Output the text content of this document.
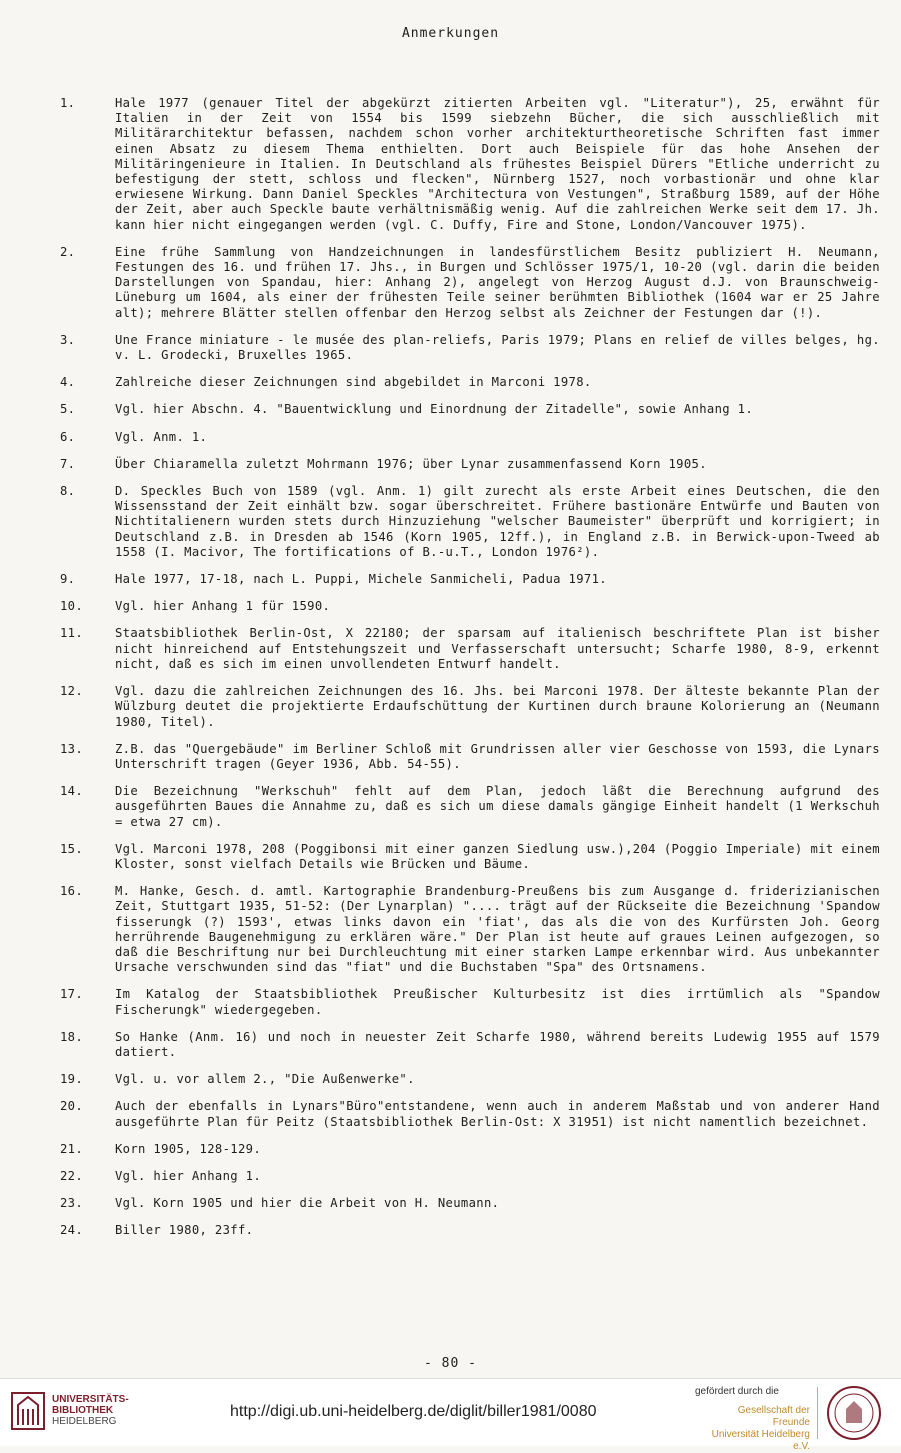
Anmerkungen
1.	Hale 1977 (genauer Titel der abgekürzt zitierten Arbeiten vgl. "Literatur"), 25, erwähnt für Italien in der Zeit von 1554 bis 1599 siebzehn Bücher, die sich ausschließlich mit Militärarchitektur befassen, nachdem schon vorher architekturtheoretische Schriften fast immer einen Absatz zu diesem Thema enthielten. Dort auch Beispiele für das hohe Ansehen der Militäringenieure in Italien. In Deutschland als frühestes Beispiel Dürers "Etliche underricht zu befestigung der stett, schloss und flecken", Nürnberg 1527, noch vorbastionär und ohne klar erwiesene Wirkung. Dann Daniel Speckles "Architectura von Vestungen", Straßburg 1589, auf der Höhe der Zeit, aber auch Speckle baute verhältnismäßig wenig. Auf die zahlreichen Werke seit dem 17. Jh. kann hier nicht eingegangen werden (vgl. C. Duffy, Fire and Stone, London/Vancouver 1975).
2.	Eine frühe Sammlung von Handzeichnungen in landesfürstlichem Besitz publiziert H. Neumann, Festungen des 16. und frühen 17. Jhs., in Burgen und Schlösser 1975/1, 10-20 (vgl. darin die beiden Darstellungen von Spandau, hier: Anhang 2), angelegt von Herzog August d.J. von Braunschweig-Lüneburg um 1604, als einer der frühesten Teile seiner berühmten Bibliothek (1604 war er 25 Jahre alt); mehrere Blätter stellen offenbar den Herzog selbst als Zeichner der Festungen dar (!).
3.	Une France miniature - le musée des plan-reliefs, Paris 1979; Plans en relief de villes belges, hg. v. L. Grodecki, Bruxelles 1965.
4.	Zahlreiche dieser Zeichnungen sind abgebildet in Marconi 1978.
5.	Vgl. hier Abschn. 4. "Bauentwicklung und Einordnung der Zitadelle", sowie Anhang 1.
6.	Vgl. Anm. 1.
7.	Über Chiaramella zuletzt Mohrmann 1976; über Lynar zusammenfassend Korn 1905.
8.	D. Speckles Buch von 1589 (vgl. Anm. 1) gilt zurecht als erste Arbeit eines Deutschen, die den Wissensstand der Zeit einhält bzw. sogar überschreitet. Frühere bastionäre Entwürfe und Bauten von Nichtitalienern wurden stets durch Hinzuziehung "welscher Baumeister" überprüft und korrigiert; in Deutschland z.B. in Dresden ab 1546 (Korn 1905, 12ff.), in England z.B. in Berwick-upon-Tweed ab 1558 (I. Macivor, The fortifications of B.-u.T., London 1976²).
9.	Hale 1977, 17-18, nach L. Puppi, Michele Sanmicheli, Padua 1971.
10.	Vgl. hier Anhang 1 für 1590.
11.	Staatsbibliothek Berlin-Ost, X 22180; der sparsam auf italienisch beschriftete Plan ist bisher nicht hinreichend auf Entstehungszeit und Verfasserschaft untersucht; Scharfe 1980, 8-9, erkennt nicht, daß es sich im einen unvollendeten Entwurf handelt.
12.	Vgl. dazu die zahlreichen Zeichnungen des 16. Jhs. bei Marconi 1978. Der älteste bekannte Plan der Wülzburg deutet die projektierte Erdaufschüttung der Kurtinen durch braune Kolorierung an (Neumann 1980, Titel).
13.	Z.B. das "Quergebäude" im Berliner Schloß mit Grundrissen aller vier Geschosse von 1593, die Lynars Unterschrift tragen (Geyer 1936, Abb. 54-55).
14.	Die Bezeichnung "Werkschuh" fehlt auf dem Plan, jedoch läßt die Berechnung aufgrund des ausgeführten Baues die Annahme zu, daß es sich um diese damals gängige Einheit handelt (1 Werkschuh = etwa 27 cm).
15.	Vgl. Marconi 1978, 208 (Poggibonsi mit einer ganzen Siedlung usw.),204 (Poggio Imperiale) mit einem Kloster, sonst vielfach Details wie Brücken und Bäume.
16.	M. Hanke, Gesch. d. amtl. Kartographie Brandenburg-Preußens bis zum Ausgange d. friderizianischen Zeit, Stuttgart 1935, 51-52: (Der Lynarplan) ".... trägt auf der Rückseite die Bezeichnung 'Spandow fisserungk (?) 1593', etwas links davon ein 'fiat', das als die von des Kurfürsten Joh. Georg herrührende Baugenehmigung zu erklären wäre." Der Plan ist heute auf graues Leinen aufgezogen, so daß die Beschriftung nur bei Durchleuchtung mit einer starken Lampe erkennbar wird. Aus unbekannter Ursache verschwunden sind das "fiat" und die Buchstaben "Spa" des Ortsnamens.
17.	Im Katalog der Staatsbibliothek Preußischer Kulturbesitz ist dies irrtümlich als "Spandow Fischerungk" wiedergegeben.
18.	So Hanke (Anm. 16) und noch in neuester Zeit Scharfe 1980, während bereits Ludewig 1955 auf 1579 datiert.
19.	Vgl. u. vor allem 2., "Die Außenwerke".
20.	Auch der ebenfalls in Lynars"Büro"entstandene, wenn auch in anderem Maßstab und von anderer Hand ausgeführte Plan für Peitz (Staatsbibliothek Berlin-Ost: X 31951) ist nicht namentlich bezeichnet.
21.	Korn 1905, 128-129.
22.	Vgl. hier Anhang 1.
23.	Vgl. Korn 1905 und hier die Arbeit von H. Neumann.
24.	Biller 1980, 23ff.
- 80 -
UNIVERSITÄTS-
BIBLIOTHEK
HEIDELBERG
http://digi.ub.uni-heidelberg.de/diglit/biller1981/0080
gefördert durch die
Gesellschaft der Freunde
Universität Heidelberg e.V.
